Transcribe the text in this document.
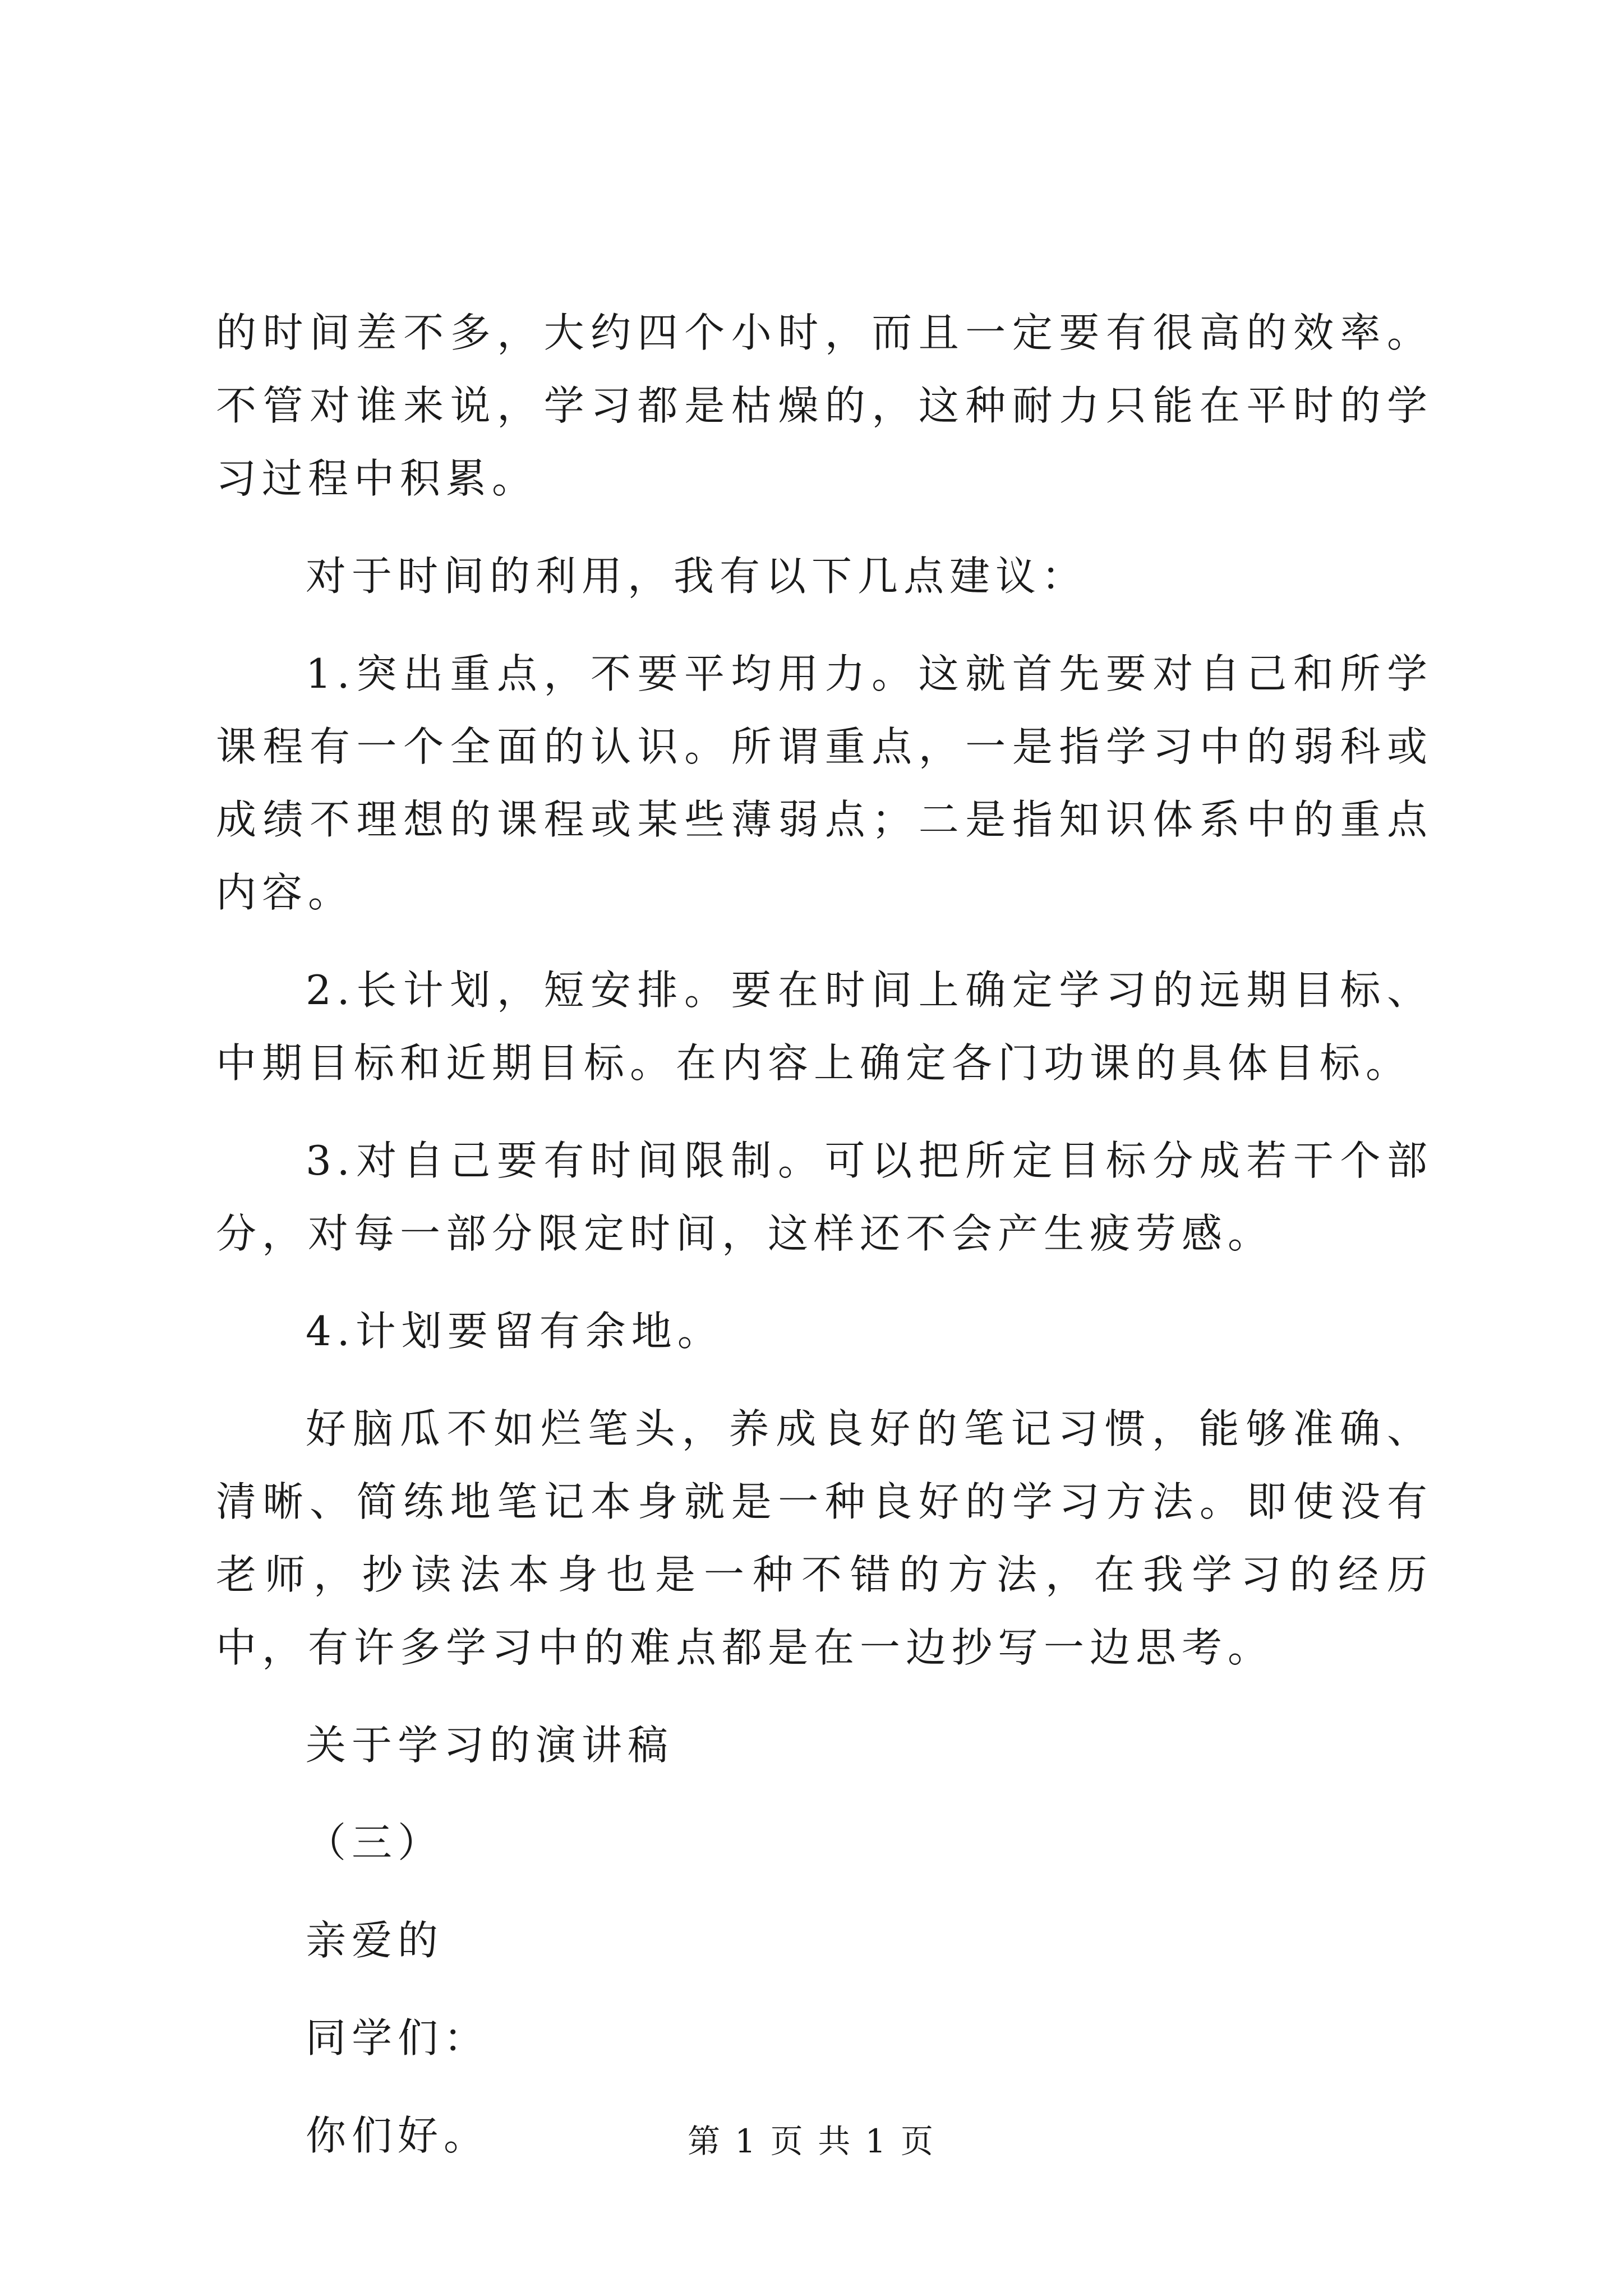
的时间差不多，大约四个小时，而且一定要有很高的效率。不管对谁来说，学习都是枯燥的，这种耐力只能在平时的学习过程中积累。

对于时间的利用，我有以下几点建议：

1.突出重点，不要平均用力。这就首先要对自己和所学课程有一个全面的认识。所谓重点，一是指学习中的弱科或成绩不理想的课程或某些薄弱点；二是指知识体系中的重点内容。

2.长计划，短安排。要在时间上确定学习的远期目标、中期目标和近期目标。在内容上确定各门功课的具体目标。

3.对自己要有时间限制。可以把所定目标分成若干个部分，对每一部分限定时间，这样还不会产生疲劳感。

4.计划要留有余地。

好脑瓜不如烂笔头，养成良好的笔记习惯，能够准确、清晰、简练地笔记本身就是一种良好的学习方法。即使没有老师，抄读法本身也是一种不错的方法，在我学习的经历中，有许多学习中的难点都是在一边抄写一边思考。

关于学习的演讲稿

（三）

亲爱的

同学们：

你们好。	第 1 页 共 1 页
